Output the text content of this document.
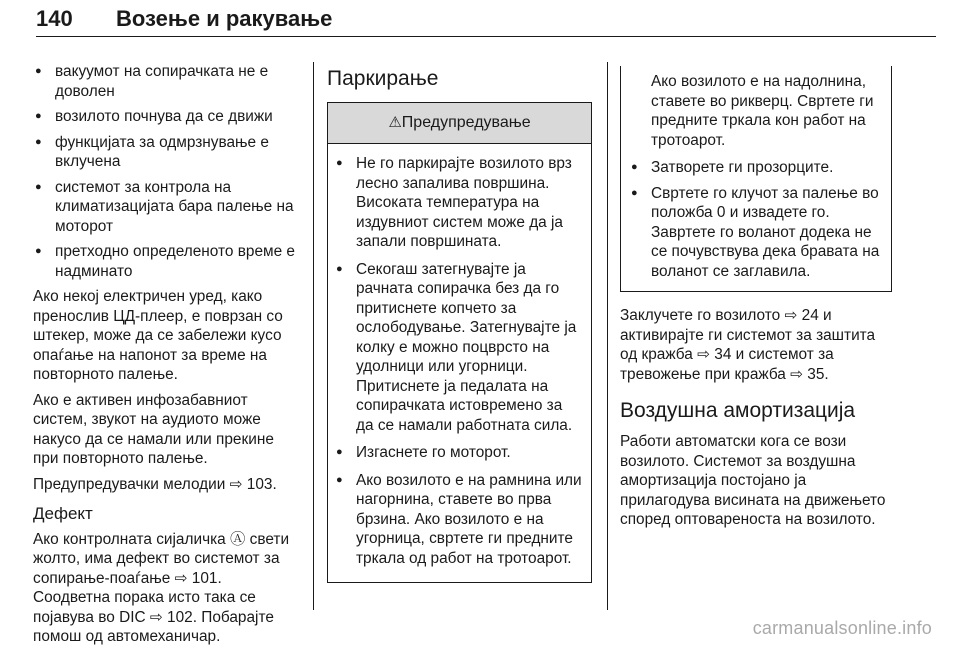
140	Возење и ракување
● вакуумот на сопирачката не е доволен
● возилото почнува да се движи
● функцијата за одмрзнување е вклучена
● системот за контрола на климатизацијата бара палење на моторот
● претходно определеното време е надминато

Ако некој електричен уред, како пренослив ЦД-плеер, е поврзан со штекер, може да се забележи кусо опаѓање на напонот за време на повторното палење.

Ако е активен инфозабавниот систем, звукот на аудиото може накусо да се намали или прекине при повторното палење.

Предупредувачки мелодии ⇨ 103.

Дефект

Ако контролната сијаличка Ⓐ свети жолто, има дефект во системот за сопирање-поаѓање ⇨ 101.

Соодветна порака исто така се појавува во DIC ⇨ 102. Побарајте помош од автомеханичар.

Паркирање
⚠Предупредување
● Не го паркирајте возилото врз лесно запалива површина. Високата температура на издувниот систем може да ја запали површината.
● Секогаш затегнувајте ја рачната сопирачка без да го притиснете копчето за ослободување. Затегнувајте ја колку е можно поцврсто на удолници или угорници. Притиснете ја педалата на сопирачката истовремено за да се намали работната сила.
● Изгаснете го моторот.
● Ако возилото е на рамнина или нагорнина, ставете во прва брзина. Ако возилото е на угорница, свртете ги предните тркала од работ на тротоарот.

Ако возилото е на надолнина, ставете во рикверц. Свртете ги предните тркала кон работ на тротоарот.

● Затворете ги прозорците.
● Свртете го клучот за палење во положба 0 и извадете го. Завртете го воланот додека не се почувствува дека бравата на воланот се заглавила.

Заклучете го возилото ⇨ 24 и активирајте ги системот за заштита од кражба ⇨ 34 и системот за тревожење при кражба ⇨ 35.

Воздушна амортизација

Работи автоматски кога се вози возилото. Системот за воздушна амортизација постојано ја прилагодува висината на движењето според оптовареноста на возилото.

carmanualsonline.info
